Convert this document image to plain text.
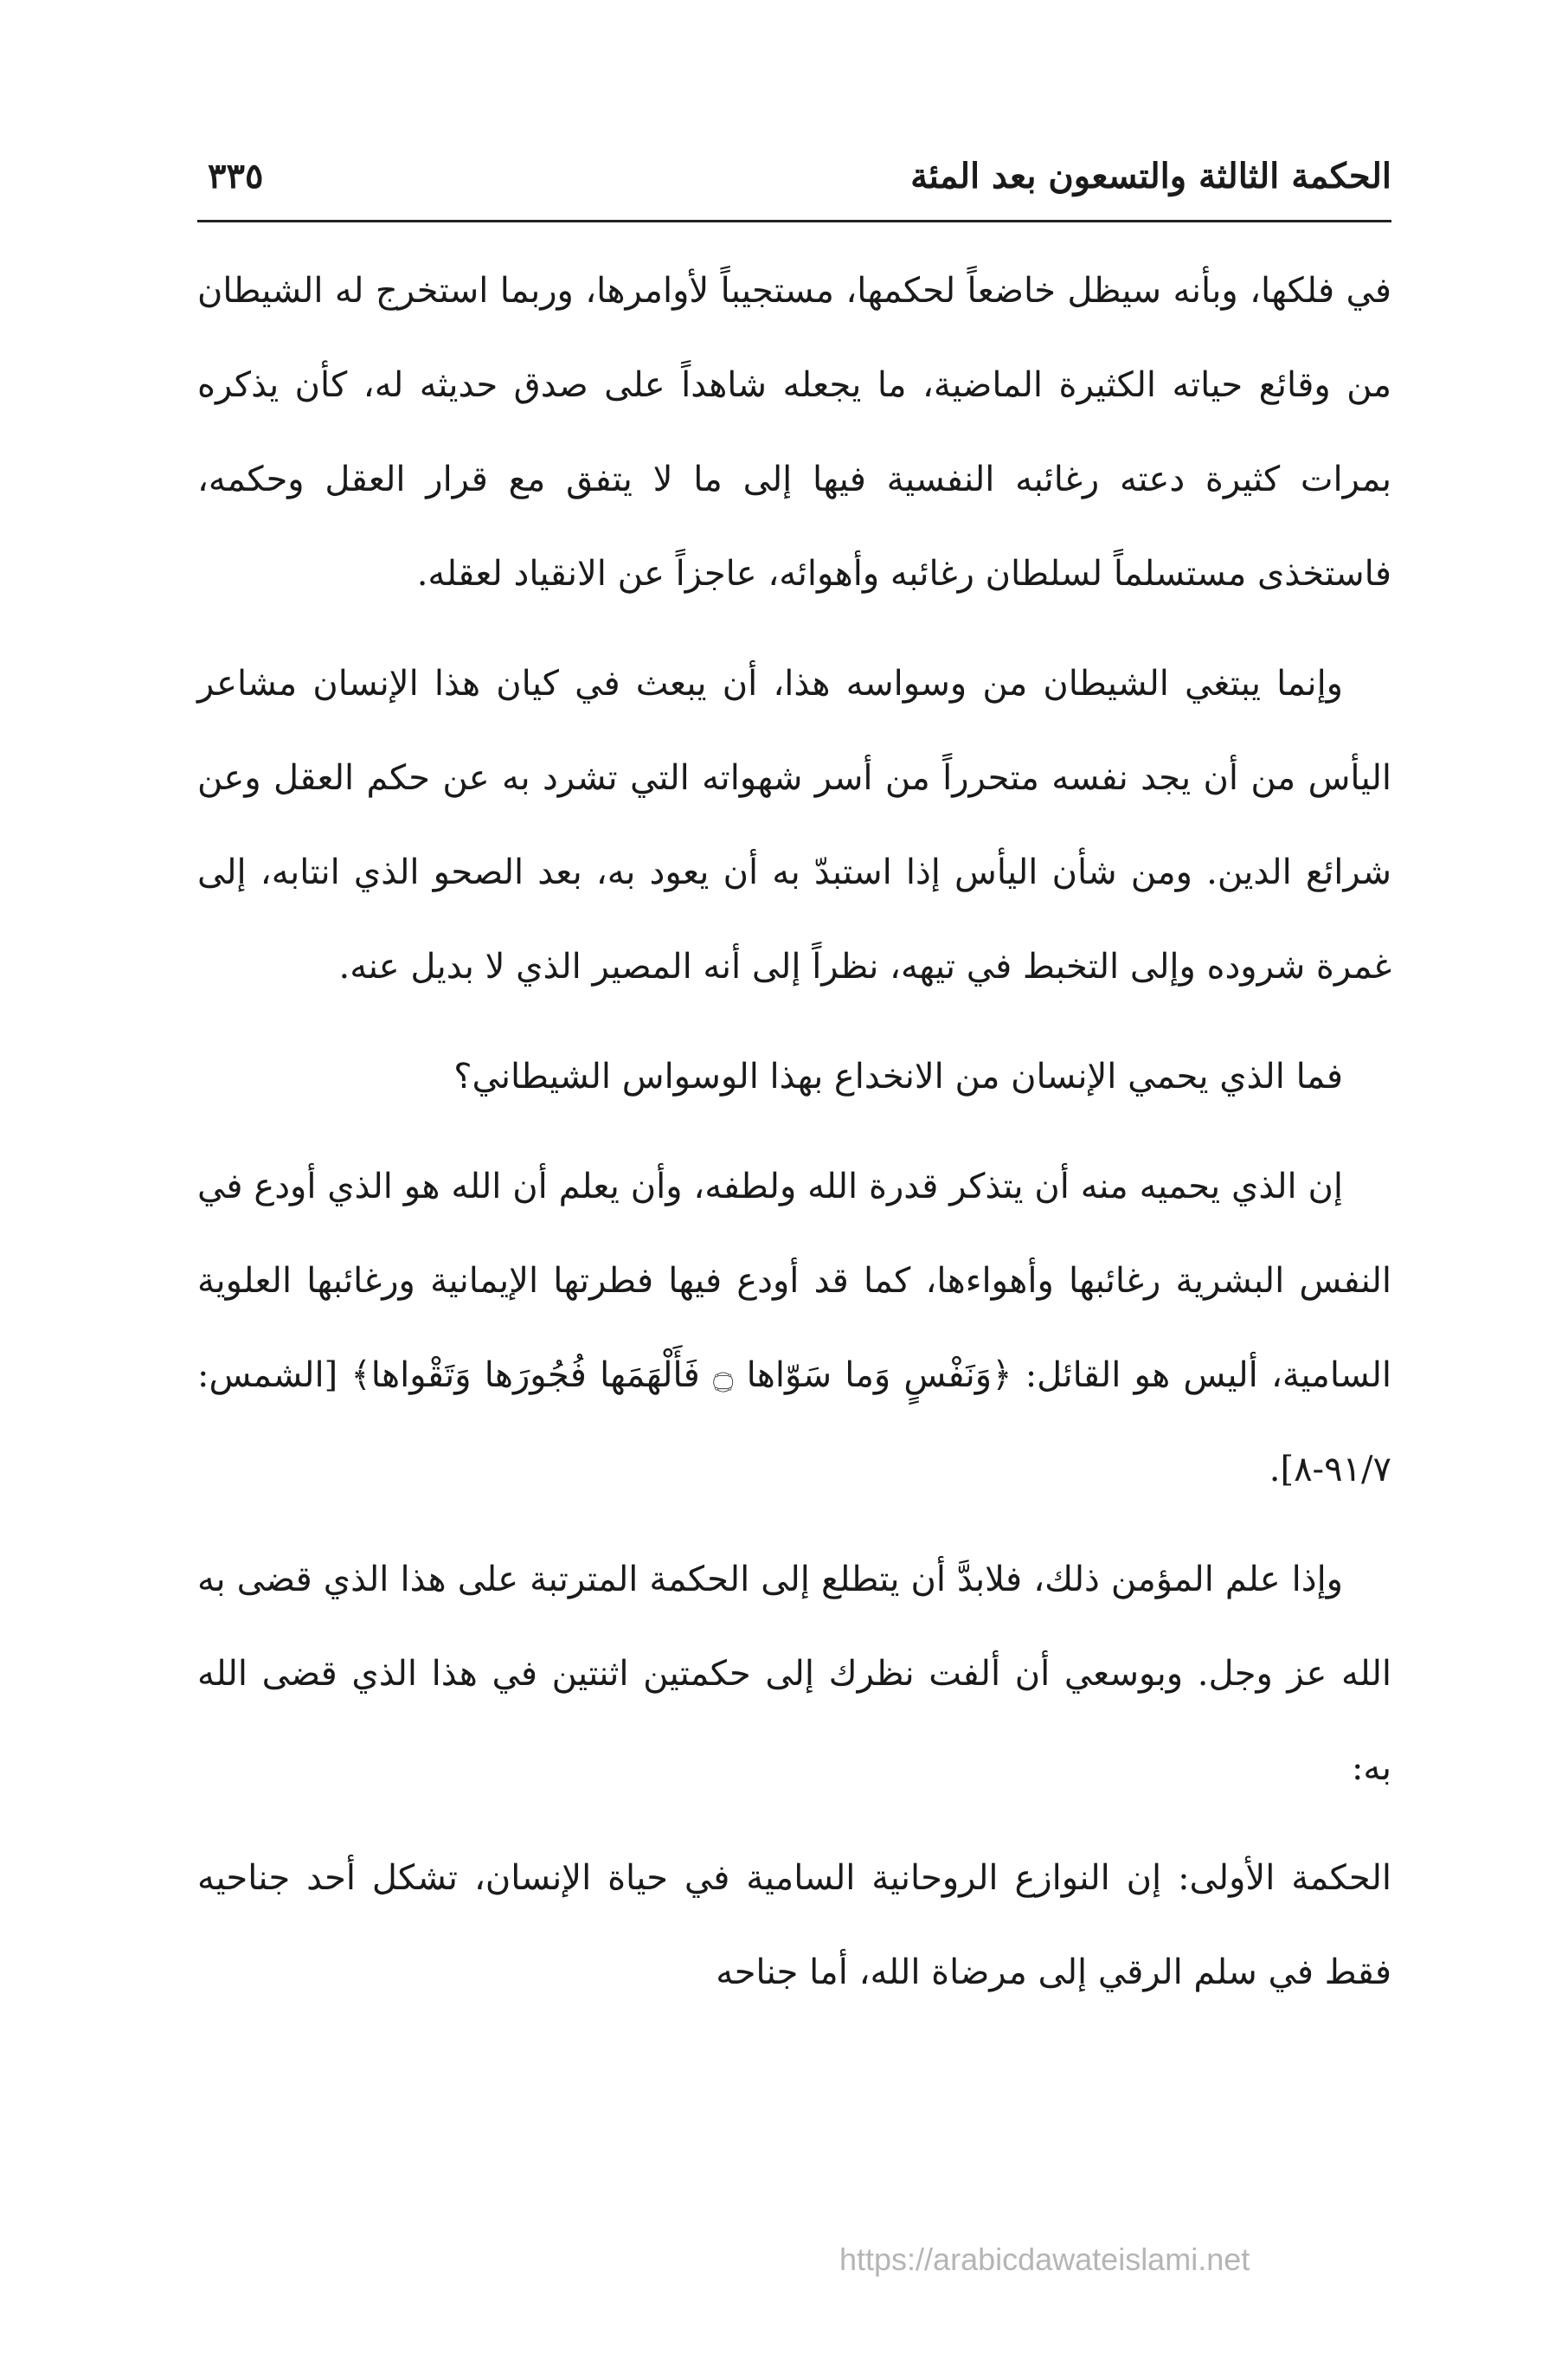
الحكمة الثالثة والتسعون بعد المئة
٣٣٥

في فلكها، وبأنه سيظل خاضعاً لحكمها، مستجيباً لأوامرها، وربما استخرج له الشيطان من وقائع حياته الكثيرة الماضية، ما يجعله شاهداً على صدق حديثه له، كأن يذكره بمرات كثيرة دعته رغائبه النفسية فيها إلى ما لا يتفق مع قرار العقل وحكمه، فاستخذى مستسلماً لسلطان رغائبه وأهوائه، عاجزاً عن الانقياد لعقله.

وإنما يبتغي الشيطان من وسواسه هذا، أن يبعث في كيان هذا الإنسان مشاعر اليأس من أن يجد نفسه متحرراً من أسر شهواته التي تشرد به عن حكم العقل وعن شرائع الدين. ومن شأن اليأس إذا استبدّ به أن يعود به، بعد الصحو الذي انتابه، إلى غمرة شروده وإلى التخبط في تيهه، نظراً إلى أنه المصير الذي لا بديل عنه.

فما الذي يحمي الإنسان من الانخداع بهذا الوسواس الشيطاني؟

إن الذي يحميه منه أن يتذكر قدرة الله ولطفه، وأن يعلم أن الله هو الذي أودع في النفس البشرية رغائبها وأهواءها، كما قد أودع فيها فطرتها الإيمانية ورغائبها العلوية السامية، أليس هو القائل: ﴿وَنَفْسٍ وَما سَوّاها ۝ فَأَلْهَمَها فُجُورَها وَتَقْواها﴾ [الشمس: ٩١/٧-٨].

وإذا علم المؤمن ذلك، فلابدَّ أن يتطلع إلى الحكمة المترتبة على هذا الذي قضى به الله عز وجل. وبوسعي أن ألفت نظرك إلى حكمتين اثنتين في هذا الذي قضى الله به:

الحكمة الأولى: إن النوازع الروحانية السامية في حياة الإنسان، تشكل أحد جناحيه فقط في سلم الرقي إلى مرضاة الله، أما جناحه

https://arabicdawateislami.net
